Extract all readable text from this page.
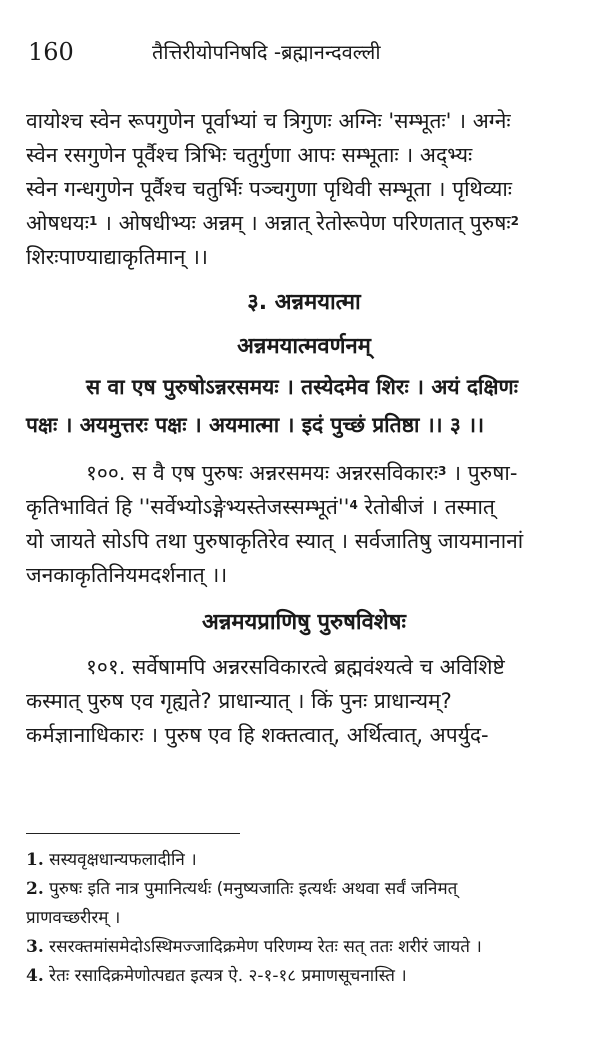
160	तैत्तिरीयोपनिषदि -ब्रह्मानन्दवल्ली

वायोश्च स्वेन रूपगुणेन पूर्वाभ्यां च त्रिगुणः अग्निः 'सम्भूतः' । अग्नेः
स्वेन रसगुणेन पूर्वैश्च त्रिभिः चतुर्गुणा आपः सम्भूताः । अद्भ्यः
स्वेन गन्धगुणेन पूर्वैश्च चतुर्भिः पञ्चगुणा पृथिवी सम्भूता । पृथिव्याः
ओषधयः$^1$ । ओषधीभ्यः अन्नम् । अन्नात् रेतोरूपेण परिणतात् पुरुषः$^2$
शिरःपाण्याद्याकृतिमान् ।।

३. अन्नमयात्मा
अन्नमयात्मवर्णनम्

स वा एष पुरुषोऽन्नरसमयः । तस्येदमेव शिरः । अयं दक्षिणः
पक्षः । अयमुत्तरः पक्षः । अयमात्मा । इदं पुच्छं प्रतिष्ठा ।। ३ ।।

१००. स वै एष पुरुषः अन्नरसमयः अन्नरसविकारः$^3$ । पुरुषा-
कृतिभावितं हि ''$सर्वेभ्योऽङ्गेभ्यस्तेजस्सम्भूतं''^4$ रेतोबीजं । तस्मात्
यो जायते सोऽपि तथा पुरुषाकृतिरेव स्यात् । सर्वजातिषु जायमानानां
जनकाकृतिनियमदर्शनात् ।।

अन्नमयप्राणिषु पुरुषविशेषः

१०१. सर्वेषामपि अन्नरसविकारत्वे ब्रह्मवंश्यत्वे च अविशिष्टे
कस्मात् पुरुष एव गृह्यते? प्राधान्यात् । किं पुनः प्राधान्यम्?
कर्मज्ञानाधिकारः । पुरुष एव हि शक्तत्वात्, अर्थित्वात्, अपर्युद-

1. सस्यवृक्षधान्यफलादीनि ।
2. पुरुषः इति नात्र पुमानित्यर्थः (मनुष्यजातिः इत्यर्थः अथवा सर्वं जनिमत्
प्राणवच्छरीरम् ।
3. रसरक्तमांसमेदोऽस्थिमज्जादिक्रमेण परिणम्य रेतः सत् ततः शरीरं जायते ।
4. रेतः रसादिक्रमेणोत्पद्यत इत्यत्र ऐ. २-१-१८ प्रमाणसूचनास्ति ।
